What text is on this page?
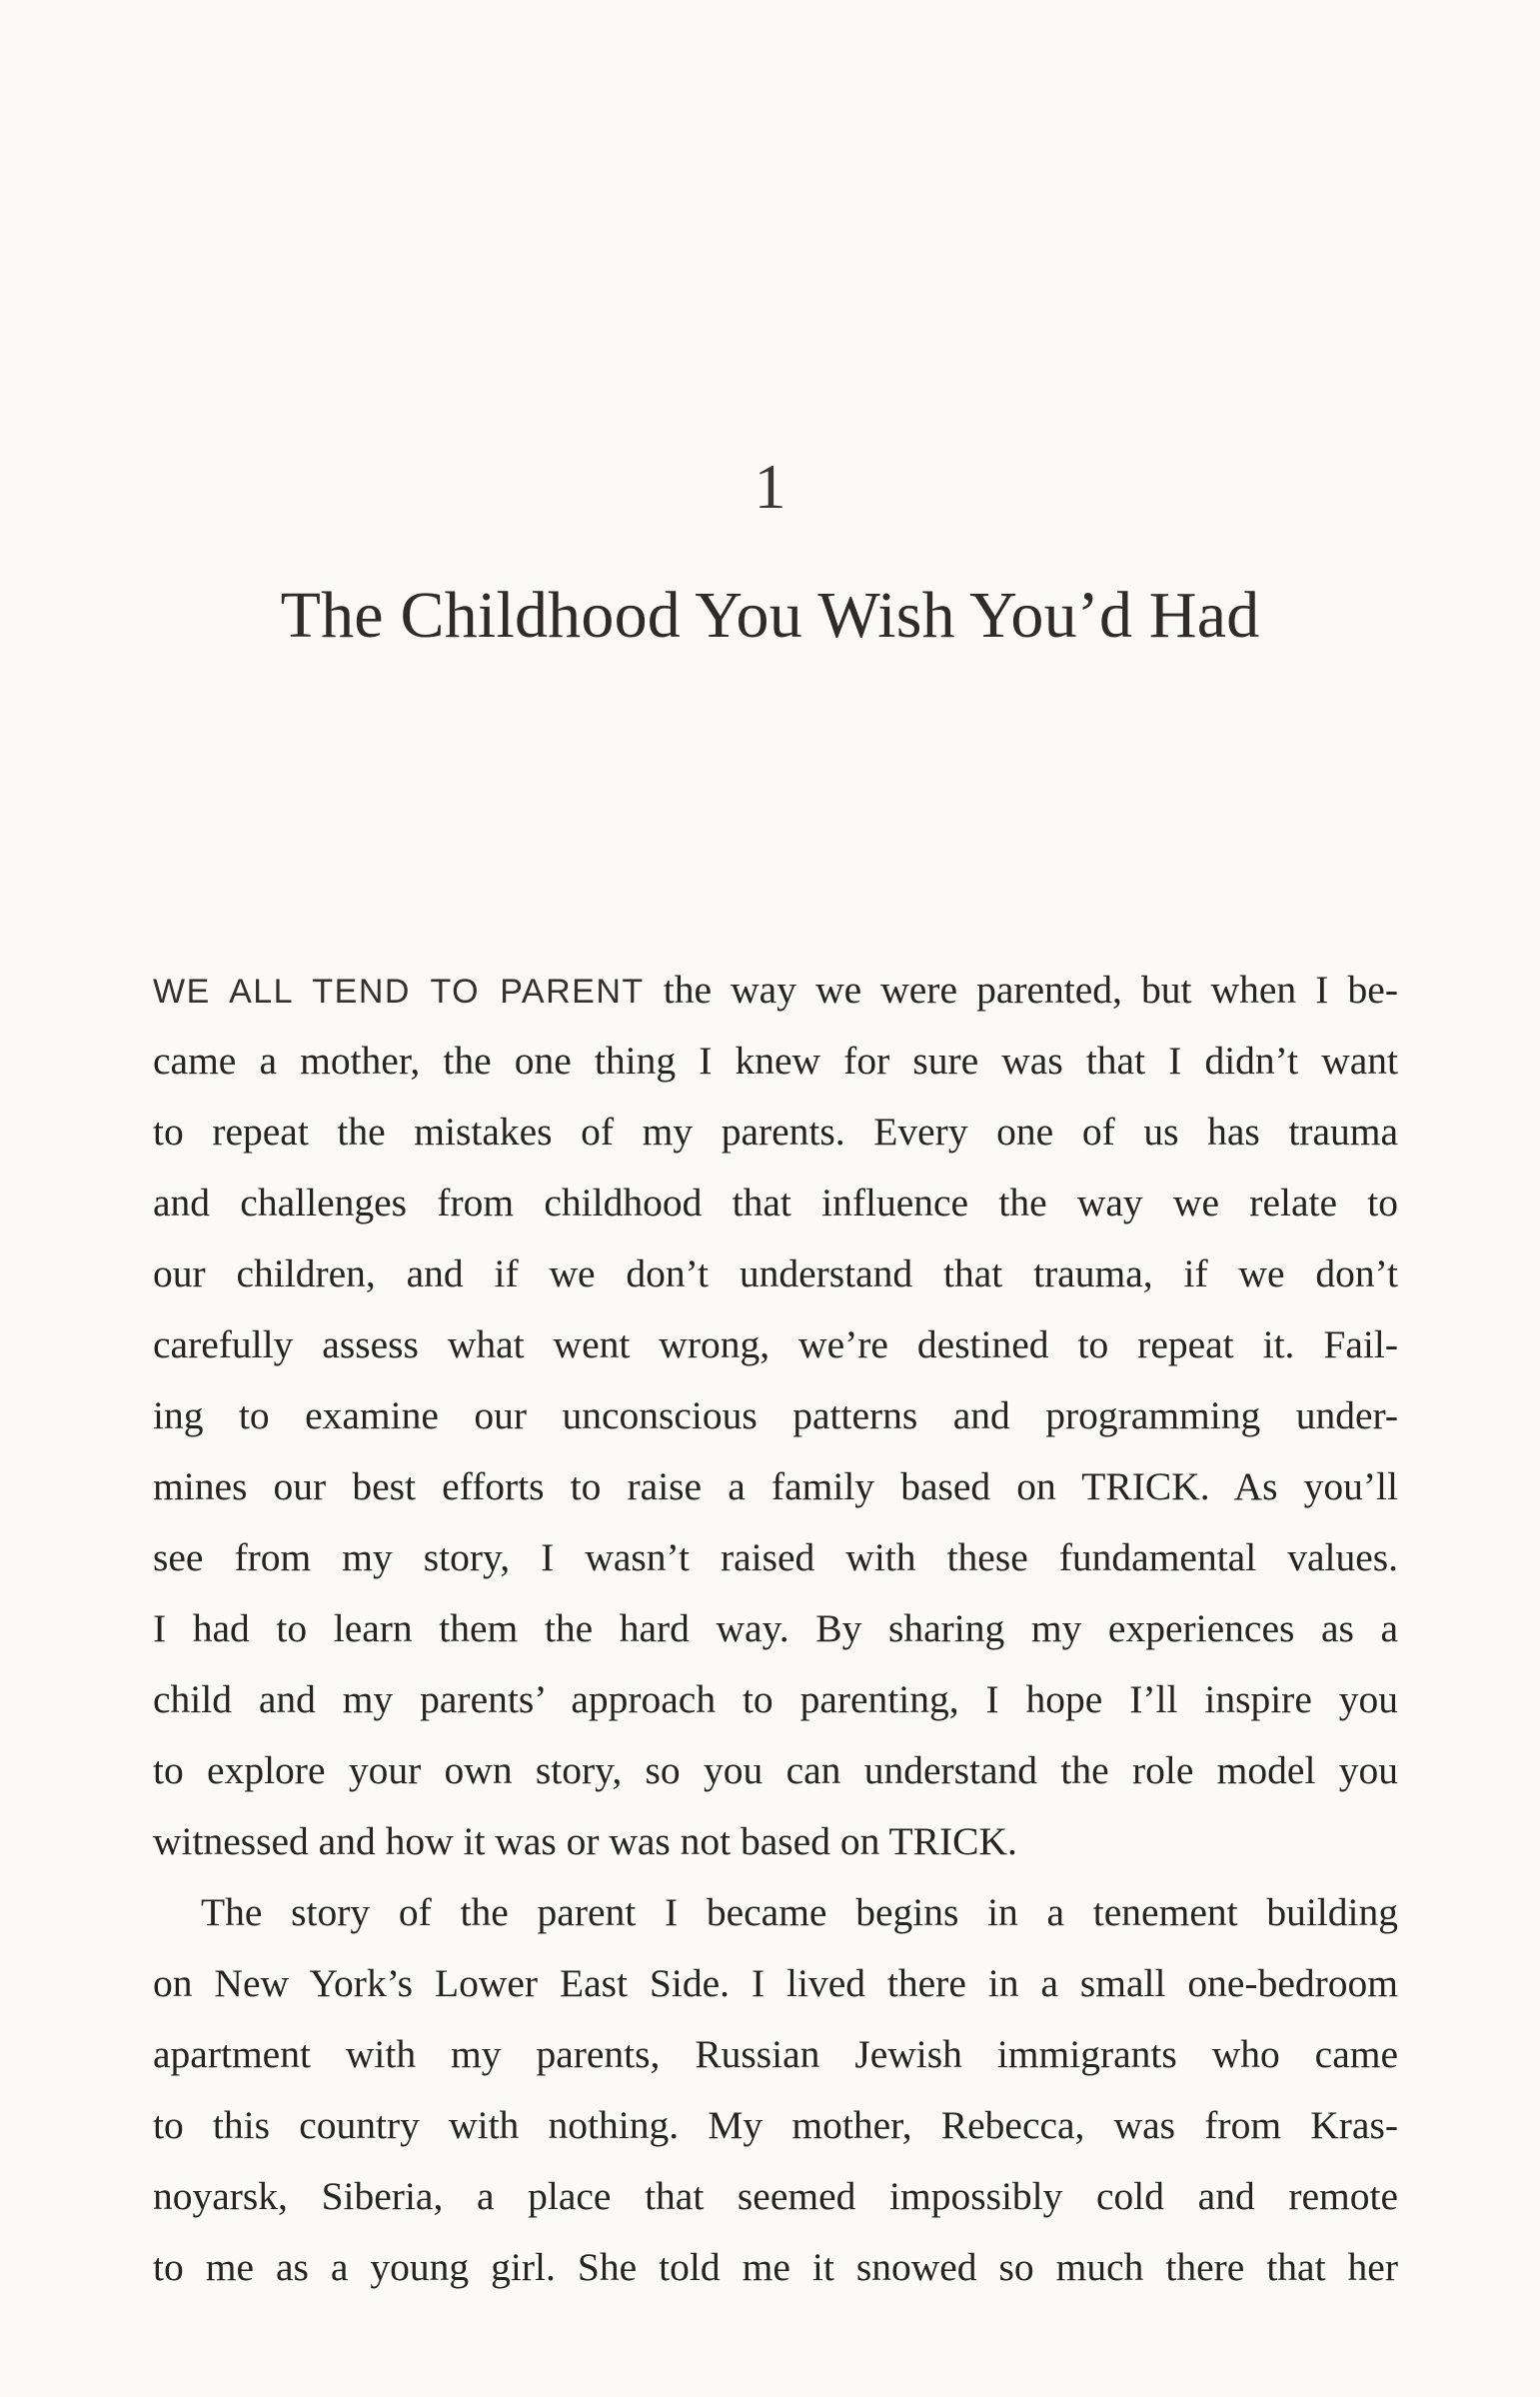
1
The Childhood You Wish You’d Had
WE ALL TEND TO PARENT the way we were parented, but when I be-
came a mother, the one thing I knew for sure was that I didn’t want
to repeat the mistakes of my parents. Every one of us has trauma
and challenges from childhood that influence the way we relate to
our children, and if we don’t understand that trauma, if we don’t
carefully assess what went wrong, we’re destined to repeat it. Fail-
ing to examine our unconscious patterns and programming under-
mines our best efforts to raise a family based on TRICK. As you’ll
see from my story, I wasn’t raised with these fundamental values.
I had to learn them the hard way. By sharing my experiences as a
child and my parents’ approach to parenting, I hope I’ll inspire you
to explore your own story, so you can understand the role model you
witnessed and how it was or was not based on TRICK.
The story of the parent I became begins in a tenement building
on New York’s Lower East Side. I lived there in a small one-bedroom
apartment with my parents, Russian Jewish immigrants who came
to this country with nothing. My mother, Rebecca, was from Kras-
noyarsk, Siberia, a place that seemed impossibly cold and remote
to me as a young girl. She told me it snowed so much there that her
